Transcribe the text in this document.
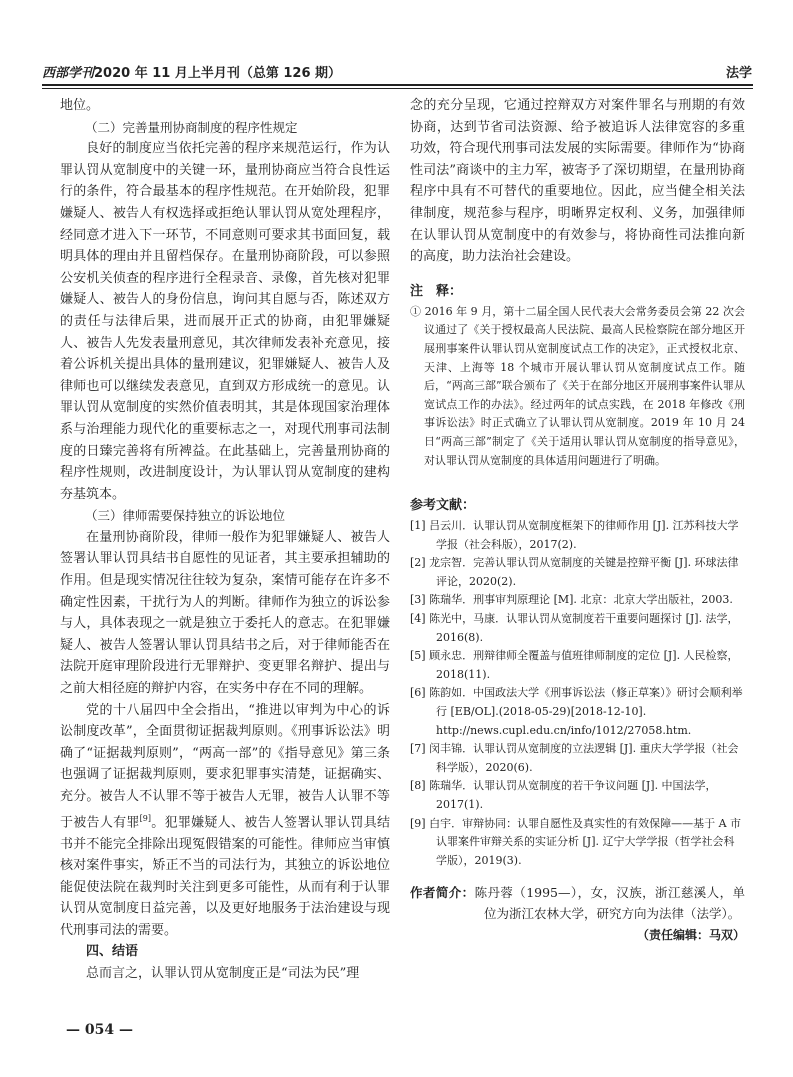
西部学刊2020 年 11 月上半月刊（总第 126 期）	法学

地位。

（二）完善量刑协商制度的程序性规定

良好的制度应当依托完善的程序来规范运行，作为认罪认罚从宽制度中的关键一环，量刑协商应当符合良性运行的条件，符合最基本的程序性规范。在开始阶段，犯罪嫌疑人、被告人有权选择或拒绝认罪认罚从宽处理程序，经同意才进入下一环节，不同意则可要求其书面回复，载明具体的理由并且留档保存。在量刑协商阶段，可以参照公安机关侦查的程序进行全程录音、录像，首先核对犯罪嫌疑人、被告人的身份信息，询问其自愿与否，陈述双方的责任与法律后果，进而展开正式的协商，由犯罪嫌疑人、被告人先发表量刑意见，其次律师发表补充意见，接着公诉机关提出具体的量刑建议，犯罪嫌疑人、被告人及律师也可以继续发表意见，直到双方形成统一的意见。认罪认罚从宽制度的实然价值表明其，其是体现国家治理体系与治理能力现代化的重要标志之一，对现代刑事司法制度的日臻完善将有所裨益。在此基础上，完善量刑协商的程序性规则，改进制度设计，为认罪认罚从宽制度的建构夯基筑本。

（三）律师需要保持独立的诉讼地位

在量刑协商阶段，律师一般作为犯罪嫌疑人、被告人签署认罪认罚具结书自愿性的见证者，其主要承担辅助的作用。但是现实情况往往较为复杂，案情可能存在许多不确定性因素，干扰行为人的判断。律师作为独立的诉讼参与人，具体表现之一就是独立于委托人的意志。在犯罪嫌疑人、被告人签署认罪认罚具结书之后，对于律师能否在法院开庭审理阶段进行无罪辩护、变更罪名辩护、提出与之前大相径庭的辩护内容，在实务中存在不同的理解。

党的十八届四中全会指出，“推进以审判为中心的诉讼制度改革”，全面贯彻证据裁判原则。《刑事诉讼法》明确了“证据裁判原则”，“两高一部”的《指导意见》第三条也强调了证据裁判原则，要求犯罪事实清楚，证据确实、充分。被告人不认罪不等于被告人无罪，被告人认罪不等于被告人有罪[9]。犯罪嫌疑人、被告人签署认罪认罚具结书并不能完全排除出现冤假错案的可能性。律师应当审慎核对案件事实，矫正不当的司法行为，其独立的诉讼地位能促使法院在裁判时关注到更多可能性，从而有利于认罪认罚从宽制度日益完善，以及更好地服务于法治建设与现代刑事司法的需要。

四、结语

总而言之，认罪认罚从宽制度正是“司法为民”理

念的充分呈现，它通过控辩双方对案件罪名与刑期的有效协商，达到节省司法资源、给予被追诉人法律宽容的多重功效，符合现代刑事司法发展的实际需要。律师作为“协商性司法”商谈中的主力军，被寄予了深切期望，在量刑协商程序中具有不可替代的重要地位。因此，应当健全相关法律制度，规范参与程序，明晰界定权利、义务，加强律师在认罪认罚从宽制度中的有效参与，将协商性司法推向新的高度，助力法治社会建设。

注　释：

① 2016 年 9 月，第十二届全国人民代表大会常务委员会第 22 次会议通过了《关于授权最高人民法院、最高人民检察院在部分地区开展刑事案件认罪认罚从宽制度试点工作的决定》，正式授权北京、天津、上海等 18 个城市开展认罪认罚从宽制度试点工作。随后，“两高三部”联合颁布了《关于在部分地区开展刑事案件认罪从宽试点工作的办法》。经过两年的试点实践，在 2018 年修改《刑事诉讼法》时正式确立了认罪认罚从宽制度。2019 年 10 月 24 日“两高三部”制定了《关于适用认罪认罚从宽制度的指导意见》，对认罪认罚从宽制度的具体适用问题进行了明确。

参考文献：

[1] 吕云川．认罪认罚从宽制度框架下的律师作用 [J]. 江苏科技大学学报（社会科版），2017(2).

[2] 龙宗智．完善认罪认罚从宽制度的关键是控辩平衡 [J]. 环球法律评论，2020(2).

[3] 陈瑞华．刑事审判原理论 [M]. 北京：北京大学出版社，2003.

[4] 陈光中，马康．认罪认罚从宽制度若干重要问题探讨 [J]. 法学，2016(8).

[5] 顾永忠．刑辩律师全覆盖与值班律师制度的定位 [J]. 人民检察，2018(11).

[6] 陈韵如．中国政法大学《刑事诉讼法（修正草案）》研讨会顺利举行 [EB/OL].(2018-05-29)[2018-12-10]. http://news.cupl.edu.cn/info/1012/27058.htm.

[7] 闵丰锦．认罪认罚从宽制度的立法逻辑 [J]. 重庆大学学报（社会科学版），2020(6).

[8] 陈瑞华．认罪认罚从宽制度的若干争议问题 [J]. 中国法学，2017(1).

[9] 白宇．审辩协同：认罪自愿性及真实性的有效保障——基于 A 市认罪案件审辩关系的实证分析 [J]. 辽宁大学学报（哲学社会科学版），2019(3).

作者简介：陈丹蓉（1995—），女，汉族，浙江慈溪人，单位为浙江农林大学，研究方向为法律（法学）。

（责任编辑：马双）
— 054 —
